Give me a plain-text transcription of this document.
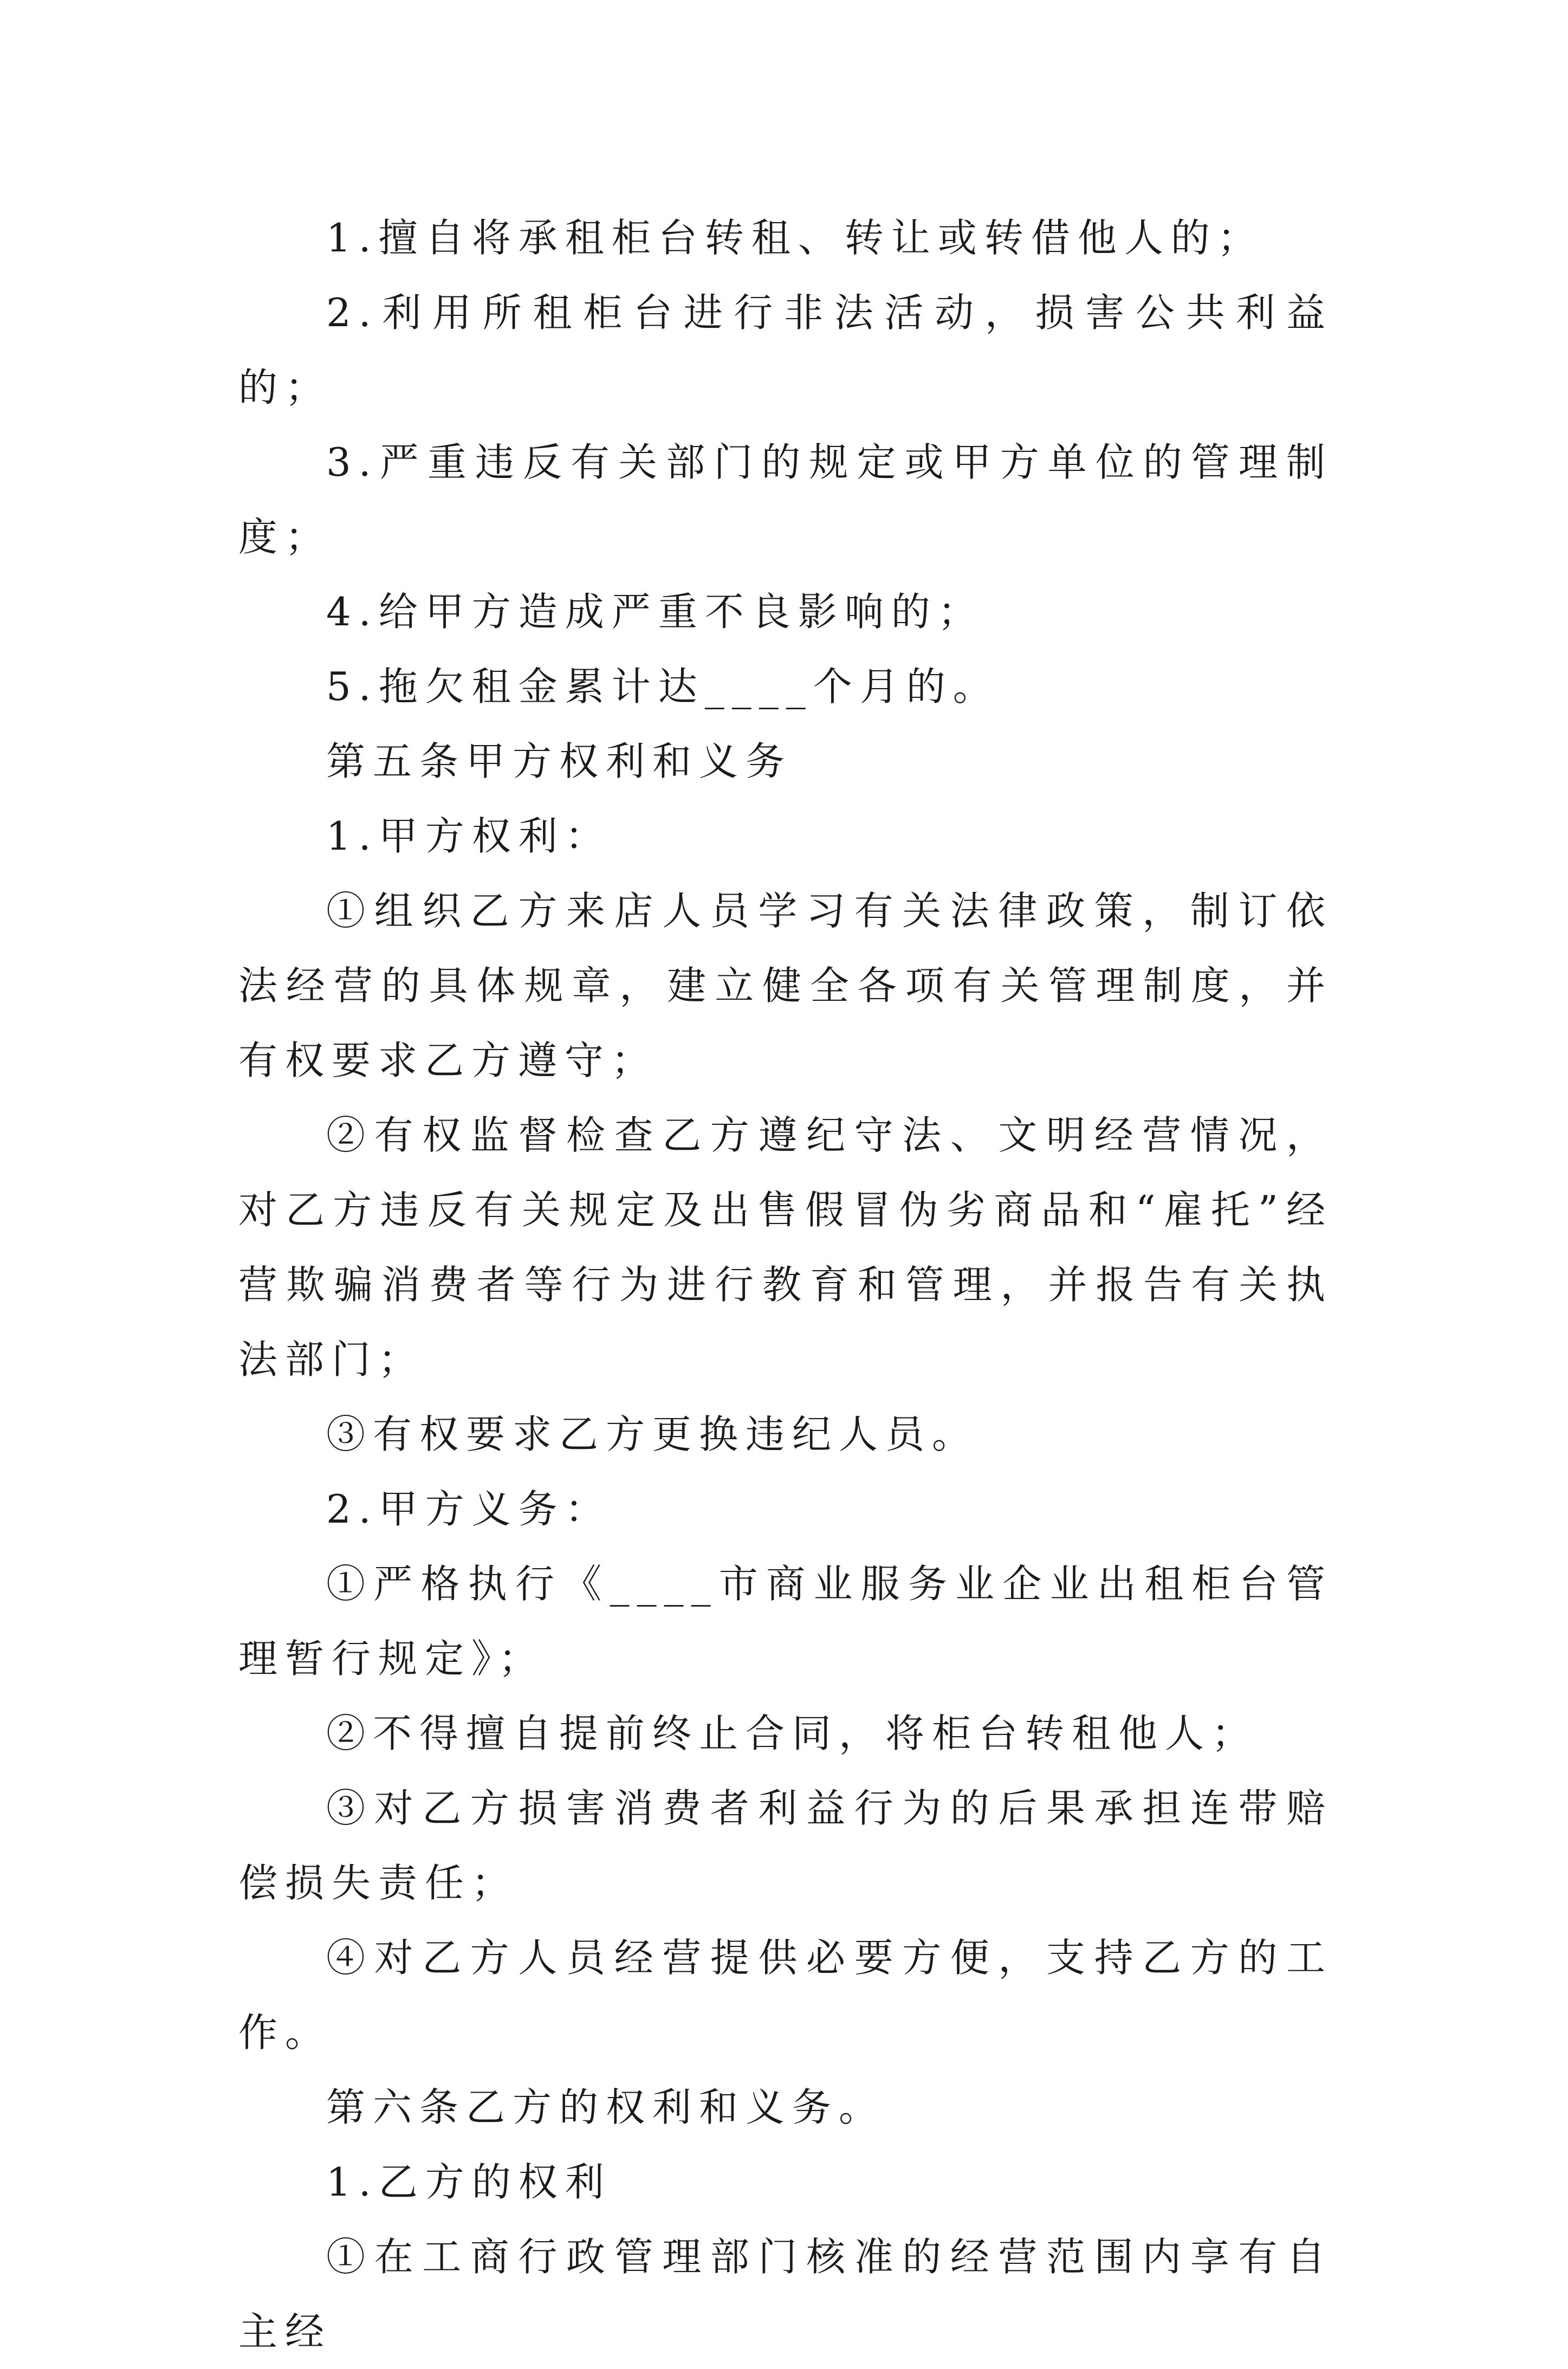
1.擅自将承租柜台转租、转让或转借他人的；

2.利用所租柜台进行非法活动，损害公共利益的；

3.严重违反有关部门的规定或甲方单位的管理制度；

4.给甲方造成严重不良影响的；

5.拖欠租金累计达____个月的。

第五条甲方权利和义务

1.甲方权利：

①组织乙方来店人员学习有关法律政策，制订依法经营的具体规章，建立健全各项有关管理制度，并有权要求乙方遵守；

②有权监督检查乙方遵纪守法、文明经营情况，对乙方违反有关规定及出售假冒伪劣商品和“雇托”经营欺骗消费者等行为进行教育和管理，并报告有关执法部门；

③有权要求乙方更换违纪人员。

2.甲方义务：

①严格执行《____市商业服务业企业出租柜台管理暂行规定》；

②不得擅自提前终止合同，将柜台转租他人；

③对乙方损害消费者利益行为的后果承担连带赔偿损失责任；

④对乙方人员经营提供必要方便，支持乙方的工作。

第六条乙方的权利和义务。

1.乙方的权利

①在工商行政管理部门核准的经营范围内享有自主经
